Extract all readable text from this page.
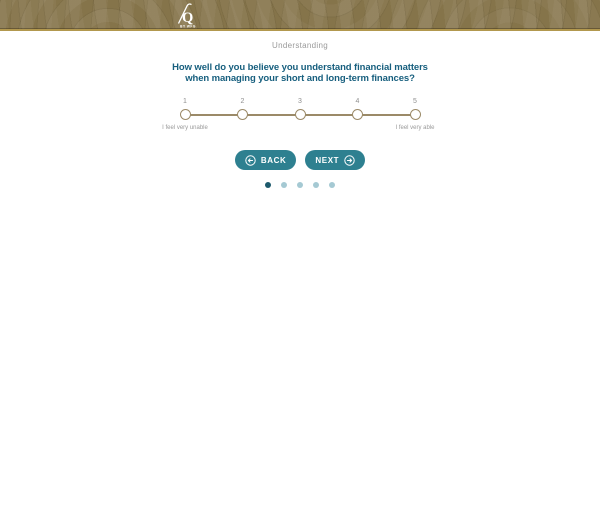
Q
BY WFG
Understanding
How well do you believe you understand financial matters
when managing your short and long-term finances?
1	2	3	4	5
I feel very unable	I feel very able
BACK	NEXT
